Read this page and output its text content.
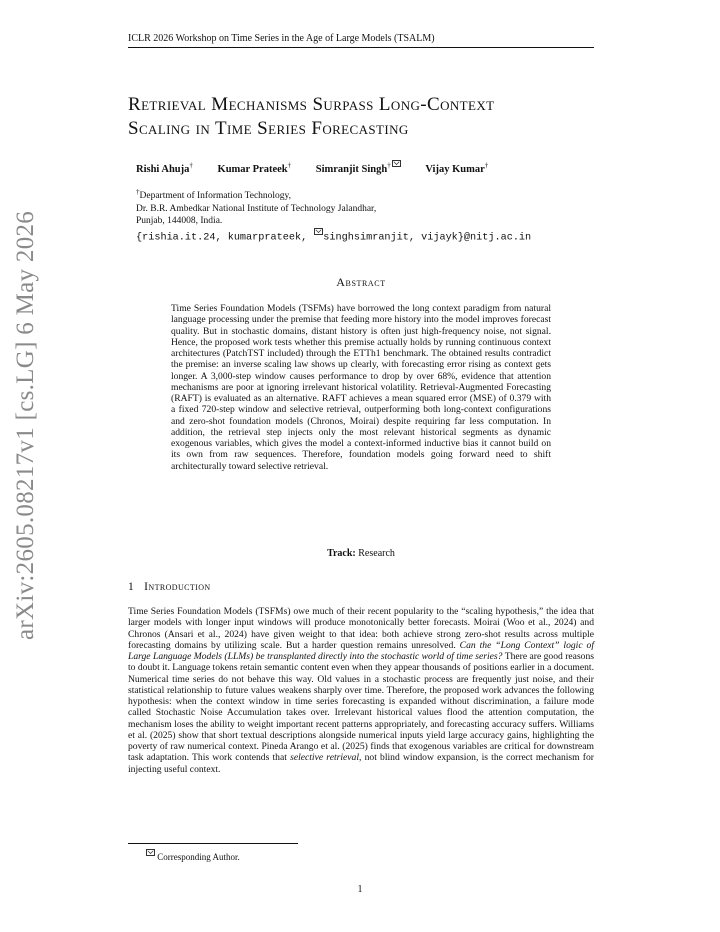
ICLR 2026 Workshop on Time Series in the Age of Large Models (TSALM)
arXiv:2605.08217v1 [cs.LG] 6 May 2026
Retrieval Mechanisms Surpass Long-Context
Scaling in Time Series Forecasting
Rishi Ahuja† Kumar Prateek† Simranjit Singh†	Vijay Kumar†
†Department of Information Technology,
Dr. B.R. Ambedkar National Institute of Technology Jalandhar,
Punjab, 144008, India.
{rishia.it.24, kumarprateek, singhsimranjit, vijayk}@nitj.ac.in
Abstract
Time Series Foundation Models (TSFMs) have borrowed the long context paradigm from natural language processing under the premise that feeding more history into the model improves forecast quality. But in stochastic domains, distant history is often just high-frequency noise, not signal. Hence, the proposed work tests whether this premise actually holds by running continuous context architectures (PatchTST included) through the ETTh1 benchmark. The obtained results contradict the premise: an inverse scaling law shows up clearly, with forecasting error rising as context gets longer. A 3,000-step window causes performance to drop by over 68%, evidence that attention mechanisms are poor at ignoring irrelevant historical volatility. Retrieval-Augmented Forecasting (RAFT) is evaluated as an alternative. RAFT achieves a mean squared error (MSE) of 0.379 with a fixed 720-step window and selective retrieval, outperforming both long-context configurations and zero-shot foundation models (Chronos, Moirai) despite requiring far less computation. In addition, the retrieval step injects only the most relevant historical segments as dynamic exogenous variables, which gives the model a context-informed inductive bias it cannot build on its own from raw sequences. Therefore, foundation models going forward need to shift architecturally toward selective retrieval.
Track: Research
1 Introduction
Time Series Foundation Models (TSFMs) owe much of their recent popularity to the “scaling hypothesis,” the idea that larger models with longer input windows will produce monotonically better forecasts. Moirai (Woo et al., 2024) and Chronos (Ansari et al., 2024) have given weight to that idea: both achieve strong zero-shot results across multiple forecasting domains by utilizing scale. But a harder question remains unresolved. Can the “Long Context” logic of Large Language Models (LLMs) be transplanted directly into the stochastic world of time series? There are good reasons to doubt it. Language tokens retain semantic content even when they appear thousands of positions earlier in a document. Numerical time series do not behave this way. Old values in a stochastic process are frequently just noise, and their statistical relationship to future values weakens sharply over time. Therefore, the proposed work advances the following hypothesis: when the context window in time series forecasting is expanded without discrimination, a failure mode called Stochastic Noise Accumulation takes over. Irrelevant historical values flood the attention computation, the mechanism loses the ability to weight important recent patterns appropriately, and forecasting accuracy suffers. Williams et al. (2025) show that short textual descriptions alongside numerical inputs yield large accuracy gains, highlighting the poverty of raw numerical context. Pineda Arango et al. (2025) finds that exogenous variables are critical for downstream task adaptation. This work contends that selective retrieval, not blind window expansion, is the correct mechanism for injecting useful context.
Corresponding Author.
1
